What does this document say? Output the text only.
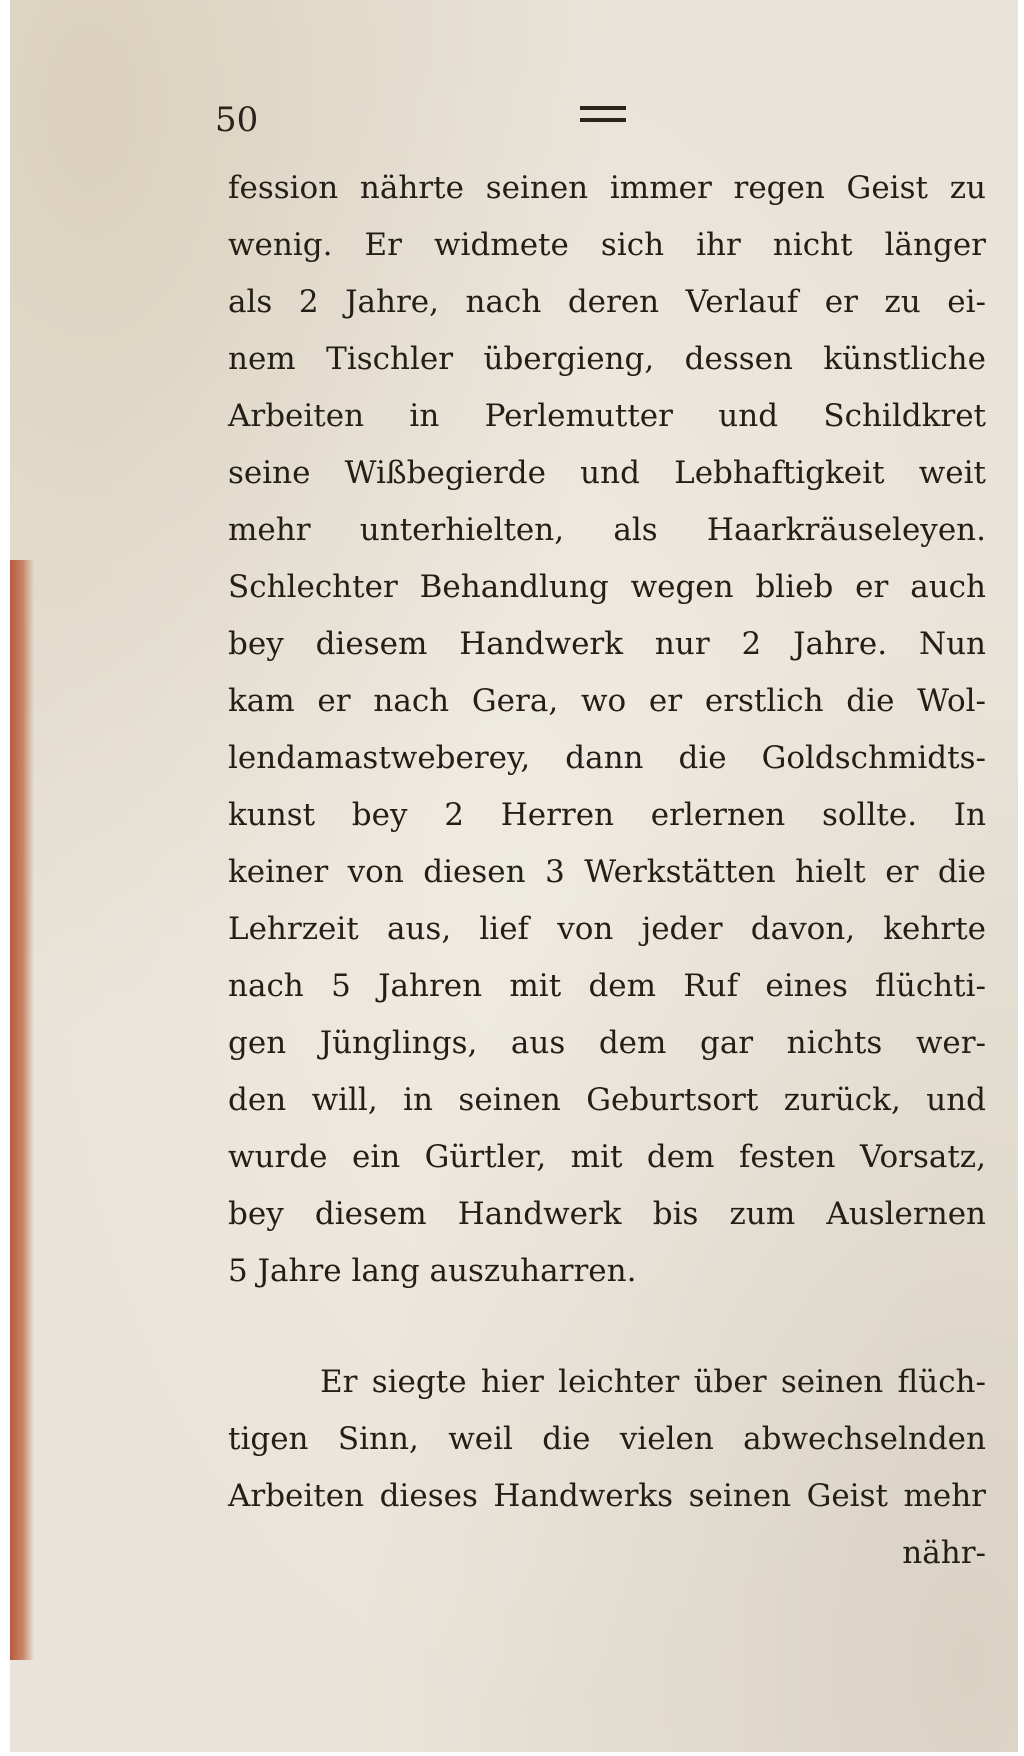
50
fession nährte seinen immer regen Geist zu
wenig. Er widmete sich ihr nicht länger
als 2 Jahre, nach deren Verlauf er zu ei-
nem Tischler übergieng, dessen künstliche
Arbeiten in Perlemutter und Schildkret
seine Wißbegierde und Lebhaftigkeit weit
mehr unterhielten, als Haarkräuseleyen.
Schlechter Behandlung wegen blieb er auch
bey diesem Handwerk nur 2 Jahre. Nun
kam er nach Gera, wo er erstlich die Wol-
lendamastweberey, dann die Goldschmidts-
kunst bey 2 Herren erlernen sollte. In
keiner von diesen 3 Werkstätten hielt er die
Lehrzeit aus, lief von jeder davon, kehrte
nach 5 Jahren mit dem Ruf eines flüchti-
gen Jünglings, aus dem gar nichts wer-
den will, in seinen Geburtsort zurück, und
wurde ein Gürtler, mit dem festen Vorsatz,
bey diesem Handwerk bis zum Auslernen
5 Jahre lang auszuharren.
Er siegte hier leichter über seinen flüch-
tigen Sinn, weil die vielen abwechselnden
Arbeiten dieses Handwerks seinen Geist mehr
nähr-
